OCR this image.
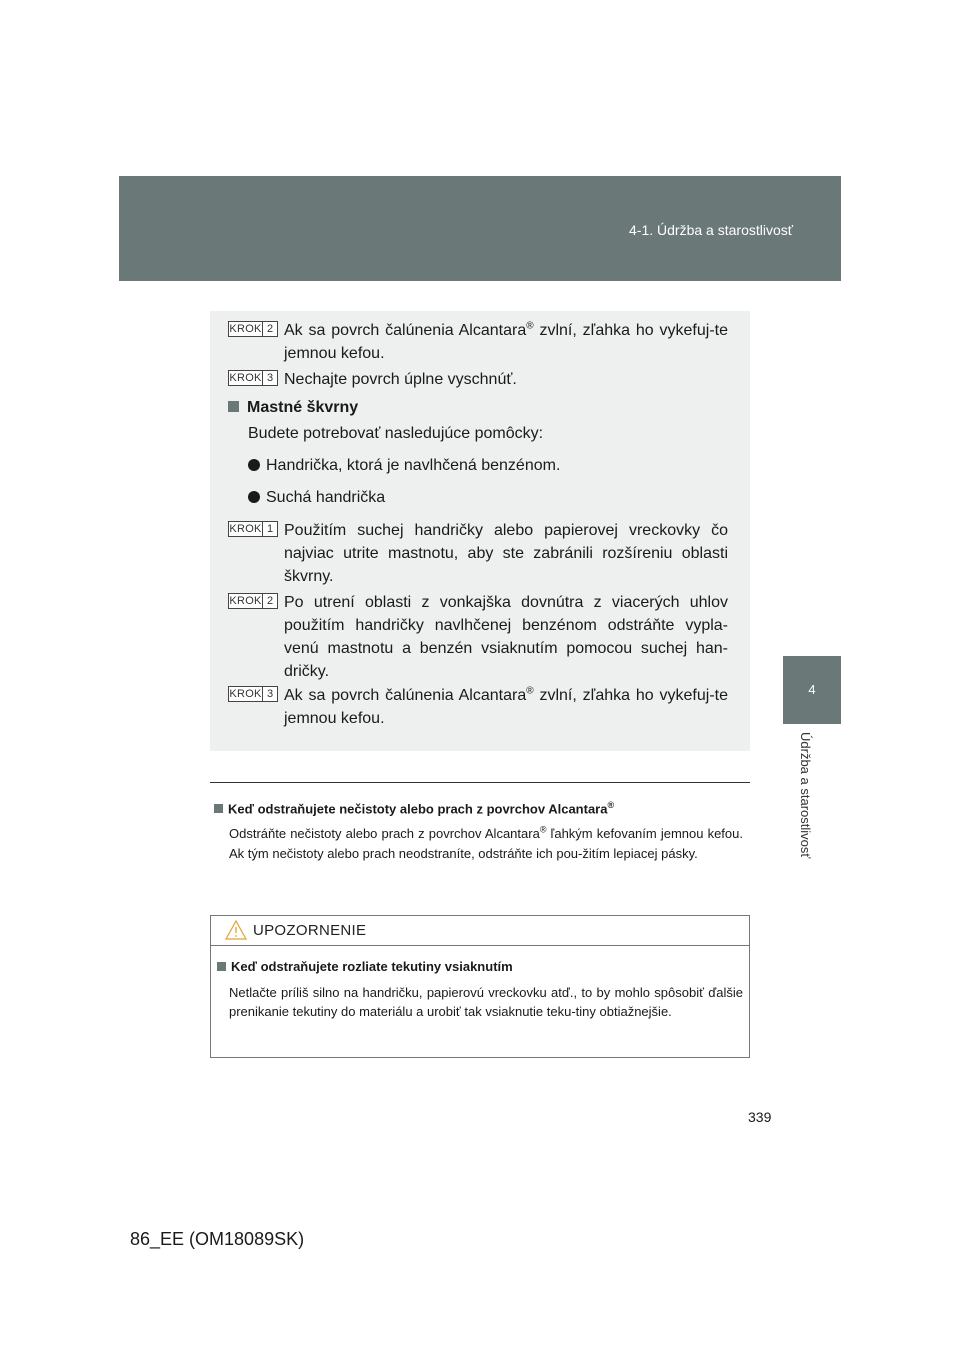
4-1. Údržba a starostlivosť
4
Údržba a starostlivosť
KROK 2 Ak sa povrch čalúnenia Alcantara® zvlní, zľahka ho vykefuj-te jemnou kefou.
KROK 3 Nechajte povrch úplne vyschnúť.
Mastné škvrny
Budete potrebovať nasledujúce pomôcky:
Handrička, ktorá je navlhčená benzénom.
Suchá handrička
KROK 1 Použitím suchej handričky alebo papierovej vreckovky čo najviac utrite mastnotu, aby ste zabránili rozšíreniu oblasti škvrny.
KROK 2 Po utrení oblasti z vonkajška dovnútra z viacerých uhlov použitím handričky navlhčenej benzénom odstráňte vypla-venú mastnotu a benzén vsiaknutím pomocou suchej han-dričky.
KROK 3 Ak sa povrch čalúnenia Alcantara® zvlní, zľahka ho vykefuj-te jemnou kefou.
Keď odstraňujete nečistoty alebo prach z povrchov Alcantara®
Odstráňte nečistoty alebo prach z povrchov Alcantara® ľahkým kefovaním jemnou kefou. Ak tým nečistoty alebo prach neodstraníte, odstráňte ich pou-žitím lepiacej pásky.
UPOZORNENIE
Keď odstraňujete rozliate tekutiny vsiaknutím
Netlačte príliš silno na handričku, papierovú vreckovku atď., to by mohlo spôsobiť ďalšie prenikanie tekutiny do materiálu a urobiť tak vsiaknutie teku-tiny obtiažnejšie.
339
86_EE (OM18089SK)
